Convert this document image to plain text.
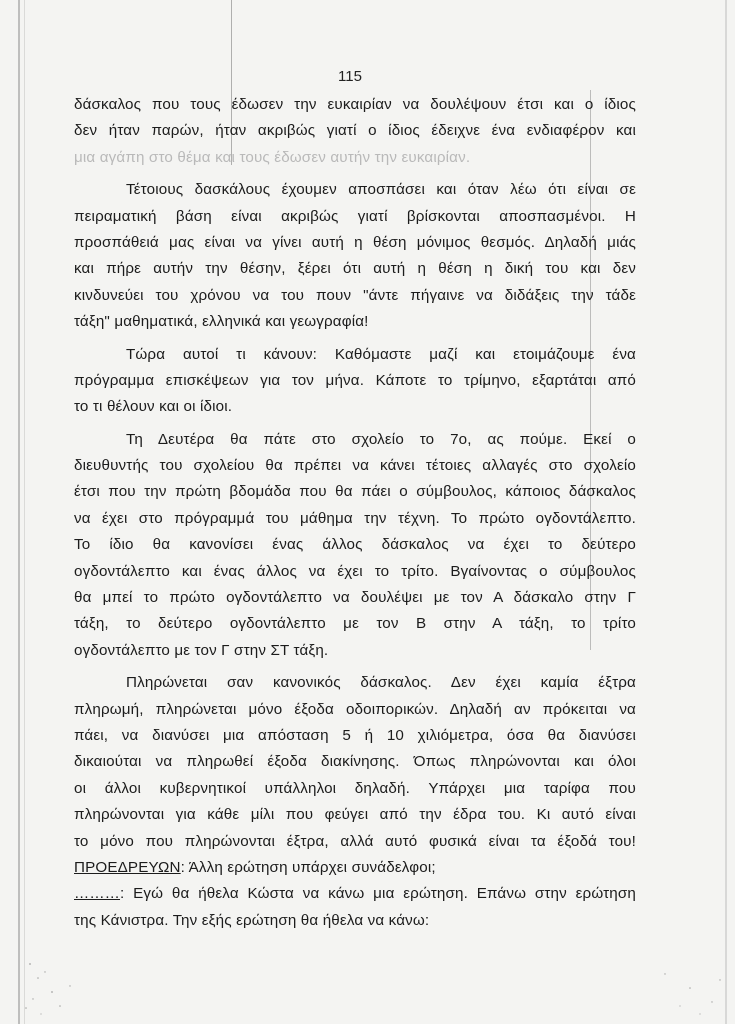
115
δάσκαλος που τους έδωσεν την ευκαιρίαν να δουλέψουν έτσι και ο ίδιος
δεν ήταν παρών, ήταν ακριβώς γιατί ο ίδιος έδειχνε ένα ενδιαφέρον και
μια αγάπη στο θέμα και τους έδωσεν αυτήν την ευκαιρίαν.
Τέτοιους δασκάλους έχουμεν αποσπάσει και όταν λέω ότι είναι σε
πειραματική βάση είναι ακριβώς γιατί βρίσκονται αποσπασμένοι. Η
προσπάθειά μας είναι να γίνει αυτή η θέση μόνιμος θεσμός. Δηλαδή μιάς
και πήρε αυτήν την θέσην, ξέρει ότι αυτή η θέση η δική του και δεν
κινδυνεύει του χρόνου να του πουν "άντε πήγαινε να διδάξεις την τάδε
τάξη" μαθηματικά, ελληνικά και γεωγραφία!
Τώρα αυτοί τι κάνουν: Καθόμαστε μαζί και ετοιμάζουμε ένα
πρόγραμμα επισκέψεων για τον μήνα. Κάποτε το τρίμηνο, εξαρτάται από
το τι θέλουν και οι ίδιοι.
Τη Δευτέρα θα πάτε στο σχολείο το 7ο, ας πούμε. Εκεί ο
διευθυντής του σχολείου θα πρέπει να κάνει τέτοιες αλλαγές στο σχολείο
έτσι που την πρώτη βδομάδα που θα πάει ο σύμβουλος, κάποιος δάσκαλος
να έχει στο πρόγραμμά του μάθημα την τέχνη. Το πρώτο ογδοντάλεπτο.
Το ίδιο θα κανονίσει ένας άλλος δάσκαλος να έχει το δεύτερο
ογδοντάλεπτο και ένας άλλος να έχει το τρίτο. Βγαίνοντας ο σύμβουλος
θα μπεί το πρώτο ογδοντάλεπτο να δουλέψει με τον Α δάσκαλο στην Γ
τάξη, το δεύτερο ογδοντάλεπτο με τον Β στην Α τάξη, το τρίτο
ογδοντάλεπτο με τον Γ στην ΣΤ τάξη.
Πληρώνεται σαν κανονικός δάσκαλος. Δεν έχει καμία έξτρα
πληρωμή, πληρώνεται μόνο έξοδα οδοιπορικών. Δηλαδή αν πρόκειται να
πάει, να διανύσει μια απόσταση 5 ή 10 χιλιόμετρα, όσα θα διανύσει
δικαιούται να πληρωθεί έξοδα διακίνησης. Όπως πληρώνονται και όλοι
οι άλλοι κυβερνητικοί υπάλληλοι δηλαδή. Υπάρχει μια ταρίφα που
πληρώνονται για κάθε μίλι που φεύγει από την έδρα του. Κι αυτό είναι
το μόνο που πληρώνονται έξτρα, αλλά αυτό φυσικά είναι τα έξοδά του!
ΠΡΟΕΔΡΕΥΩΝ: Άλλη ερώτηση υπάρχει συνάδελφοι;
………: Εγώ θα ήθελα Κώστα να κάνω μια ερώτηση. Επάνω στην ερώτηση
της Κάνιστρα. Την εξής ερώτηση θα ήθελα να κάνω:
